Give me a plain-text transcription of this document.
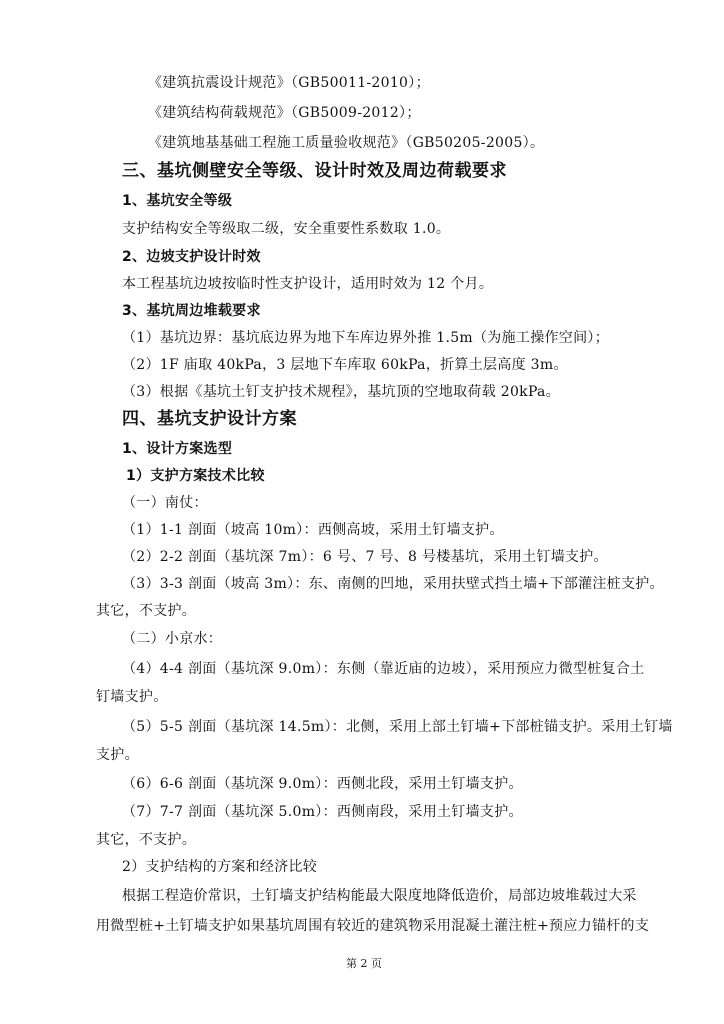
《建筑抗震设计规范》（GB50011-2010）；
《建筑结构荷载规范》（GB5009-2012）；
《建筑地基基础工程施工质量验收规范》（GB50205-2005）。
三、基坑侧壁安全等级、设计时效及周边荷载要求
1、基坑安全等级
支护结构安全等级取二级，安全重要性系数取 1.0。
2、边坡支护设计时效
本工程基坑边坡按临时性支护设计，适用时效为 12 个月。
3、基坑周边堆载要求
（1）基坑边界：基坑底边界为地下车库边界外推 1.5m（为施工操作空间）；
（2）1F 庙取 40kPa，3 层地下车库取 60kPa，折算土层高度 3m。
（3）根据《基坑土钉支护技术规程》，基坑顶的空地取荷载 20kPa。
四、基坑支护设计方案
1、设计方案选型
1）支护方案技术比较
（一）南仗：
（1）1-1 剖面（坡高 10m）：西侧高坡，采用土钉墙支护。
（2）2-2 剖面（基坑深 7m）：6 号、7 号、8 号楼基坑，采用土钉墙支护。
（3）3-3 剖面（坡高 3m）：东、南侧的凹地，采用扶壁式挡土墙+下部灌注桩支护。
其它，不支护。
（二）小京水：
（4）4-4 剖面（基坑深 9.0m）：东侧（靠近庙的边坡），采用预应力微型桩复合土
钉墙支护。
（5）5-5 剖面（基坑深 14.5m）：北侧，采用上部土钉墙+下部桩锚支护。采用土钉墙
支护。
（6）6-6 剖面（基坑深 9.0m）：西侧北段，采用土钉墙支护。
（7）7-7 剖面（基坑深 5.0m）：西侧南段，采用土钉墙支护。
其它，不支护。
2）支护结构的方案和经济比较
根据工程造价常识，土钉墙支护结构能最大限度地降低造价，局部边坡堆载过大采
用微型桩+土钉墙支护如果基坑周围有较近的建筑物采用混凝土灌注桩+预应力锚杆的支
第 2 页
